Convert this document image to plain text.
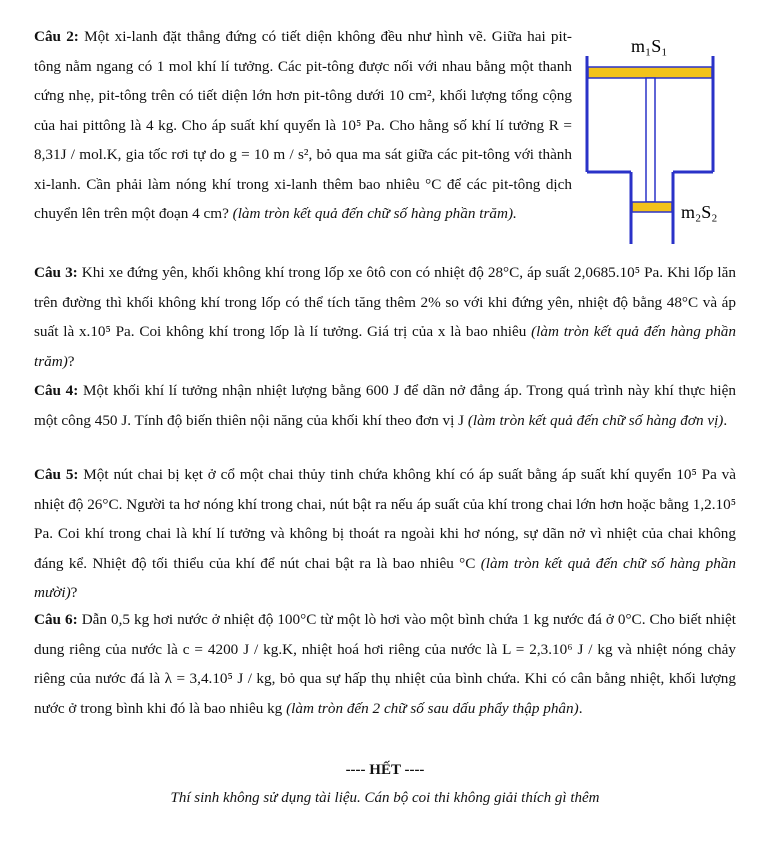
Câu 2: Một xi-lanh đặt thẳng đứng có tiết diện không đều như hình vẽ. Giữa hai pit-tông nằm ngang có 1 mol khí lí tưởng. Các pit-tông được nối với nhau bằng một thanh cứng nhẹ, pit-tông trên có tiết diện lớn hơn pit-tông dưới 10 cm², khối lượng tổng cộng của hai pittông là 4 kg. Cho áp suất khí quyển là 10⁵ Pa. Cho hằng số khí lí tưởng R = 8,31J / mol.K, gia tốc rơi tự do g = 10 m / s², bỏ qua ma sát giữa các pit-tông với thành xi-lanh. Cần phải làm nóng khí trong xi-lanh thêm bao nhiêu °C để các pit-tông dịch chuyển lên trên một đoạn 4 cm? (làm tròn kết quả đến chữ số hàng phần trăm).
m₁S₁
m₂S₂
Câu 3: Khi xe đứng yên, khối không khí trong lốp xe ôtô con có nhiệt độ 28°C, áp suất 2,0685.10⁵ Pa. Khi lốp lăn trên đường thì khối không khí trong lốp có thể tích tăng thêm 2% so với khi đứng yên, nhiệt độ bằng 48°C và áp suất là x.10⁵ Pa. Coi không khí trong lốp là lí tưởng. Giá trị của x là bao nhiêu (làm tròn kết quả đến hàng phần trăm)?
Câu 4: Một khối khí lí tưởng nhận nhiệt lượng bằng 600 J để dãn nở đẳng áp. Trong quá trình này khí thực hiện một công 450 J. Tính độ biến thiên nội năng của khối khí theo đơn vị J (làm tròn kết quả đến chữ số hàng đơn vị).
Câu 5: Một nút chai bị kẹt ở cổ một chai thủy tinh chứa không khí có áp suất bằng áp suất khí quyển 10⁵ Pa và nhiệt độ 26°C. Người ta hơ nóng khí trong chai, nút bật ra nếu áp suất của khí trong chai lớn hơn hoặc bằng 1,2.10⁵ Pa. Coi khí trong chai là khí lí tưởng và không bị thoát ra ngoài khi hơ nóng, sự dãn nở vì nhiệt của chai không đáng kể. Nhiệt độ tối thiểu của khí để nút chai bật ra là bao nhiêu °C (làm tròn kết quả đến chữ số hàng phần mười)?
Câu 6: Dẫn 0,5 kg hơi nước ở nhiệt độ 100°C từ một lò hơi vào một bình chứa 1 kg nước đá ở 0°C. Cho biết nhiệt dung riêng của nước là c = 4200 J / kg.K, nhiệt hoá hơi riêng của nước là L = 2,3.10⁶ J / kg và nhiệt nóng chảy riêng của nước đá là λ = 3,4.10⁵ J / kg, bỏ qua sự hấp thụ nhiệt của bình chứa. Khi có cân bằng nhiệt, khối lượng nước ở trong bình khi đó là bao nhiêu kg (làm tròn đến 2 chữ số sau dấu phẩy thập phân).
---- HẾT ----
Thí sinh không sử dụng tài liệu. Cán bộ coi thi không giải thích gì thêm
